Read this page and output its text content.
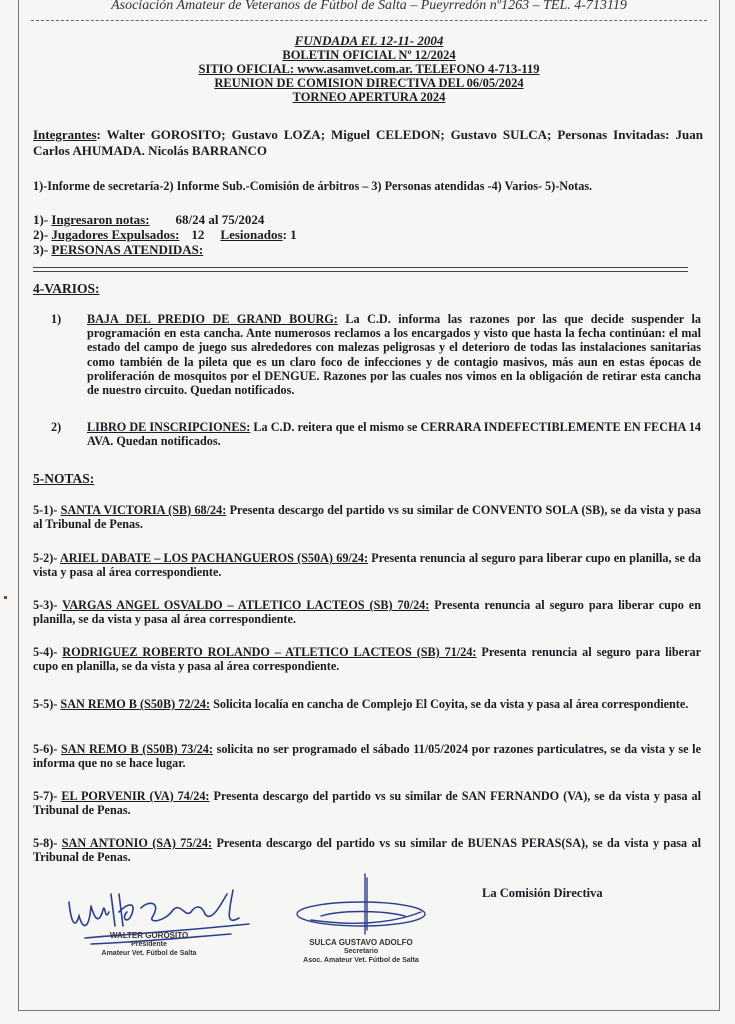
Asociación Amateur de Veteranos de Fútbol de Salta – Pueyrredón nº1263 – TEL. 4-713119
FUNDADA EL 12-11- 2004
BOLETIN OFICIAL Nº 12/2024
SITIO OFICIAL: www.asamvet.com.ar. TELEFONO 4-713-119
REUNION DE COMISION DIRECTIVA DEL 06/05/2024
TORNEO APERTURA 2024
Integrantes: Walter GOROSITO; Gustavo LOZA; Miguel CELEDON; Gustavo SULCA; Personas Invitadas: Juan Carlos AHUMADA. Nicolás BARRANCO
1)-Informe de secretaría-2) Informe Sub.-Comisión de árbitros – 3) Personas atendidas -4) Varios- 5)-Notas.
1)- Ingresaron notas: 68/24 al 75/2024
2)- Jugadores Expulsados: 12 Lesionados: 1
3)- PERSONAS ATENDIDAS:
4-VARIOS:
1) BAJA DEL PREDIO DE GRAND BOURG: La C.D. informa las razones por las que decide suspender la programación en esta cancha. Ante numerosos reclamos a los encargados y visto que hasta la fecha continúan: el mal estado del campo de juego sus alrededores con malezas peligrosas y el deterioro de todas las instalaciones sanitarias como también de la pileta que es un claro foco de infecciones y de contagio masivos, más aun en estas épocas de proliferación de mosquitos por el DENGUE. Razones por las cuales nos vimos en la obligación de retirar esta cancha de nuestro circuito. Quedan notificados.
2) LIBRO DE INSCRIPCIONES: La C.D. reitera que el mismo se CERRARA INDEFECTIBLEMENTE EN FECHA 14 AVA. Quedan notificados.
5-NOTAS:
5-1)- SANTA VICTORIA (SB) 68/24: Presenta descargo del partido vs su similar de CONVENTO SOLA (SB), se da vista y pasa al Tribunal de Penas.
5-2)- ARIEL DABATE – LOS PACHANGUEROS (S50A) 69/24: Presenta renuncia al seguro para liberar cupo en planilla, se da vista y pasa al área correspondiente.
5-3)- VARGAS ANGEL OSVALDO – ATLETICO LACTEOS (SB) 70/24: Presenta renuncia al seguro para liberar cupo en planilla, se da vista y pasa al área correspondiente.
5-4)- RODRIGUEZ ROBERTO ROLANDO – ATLETICO LACTEOS (SB) 71/24: Presenta renuncia al seguro para liberar cupo en planilla, se da vista y pasa al área correspondiente.
5-5)- SAN REMO B (S50B) 72/24: Solicita localía en cancha de Complejo El Coyita, se da vista y pasa al área correspondiente.
5-6)- SAN REMO B (S50B) 73/24: solicita no ser programado el sábado 11/05/2024 por razones particulatres, se da vista y se le informa que no se hace lugar.
5-7)- EL PORVENIR (VA) 74/24: Presenta descargo del partido vs su similar de SAN FERNANDO (VA), se da vista y pasa al Tribunal de Penas.
5-8)- SAN ANTONIO (SA) 75/24: Presenta descargo del partido vs su similar de BUENAS PERAS(SA), se da vista y pasa al Tribunal de Penas.
La Comisión Directiva
Wallter Gorosito
WALTER GOROSITO
Presidente
Amateur Vet. Fútbol de Salta
SULCA GUSTAVO ADOLFO
Secretario
Asoc. Amateur Vet. Fútbol de Salta
